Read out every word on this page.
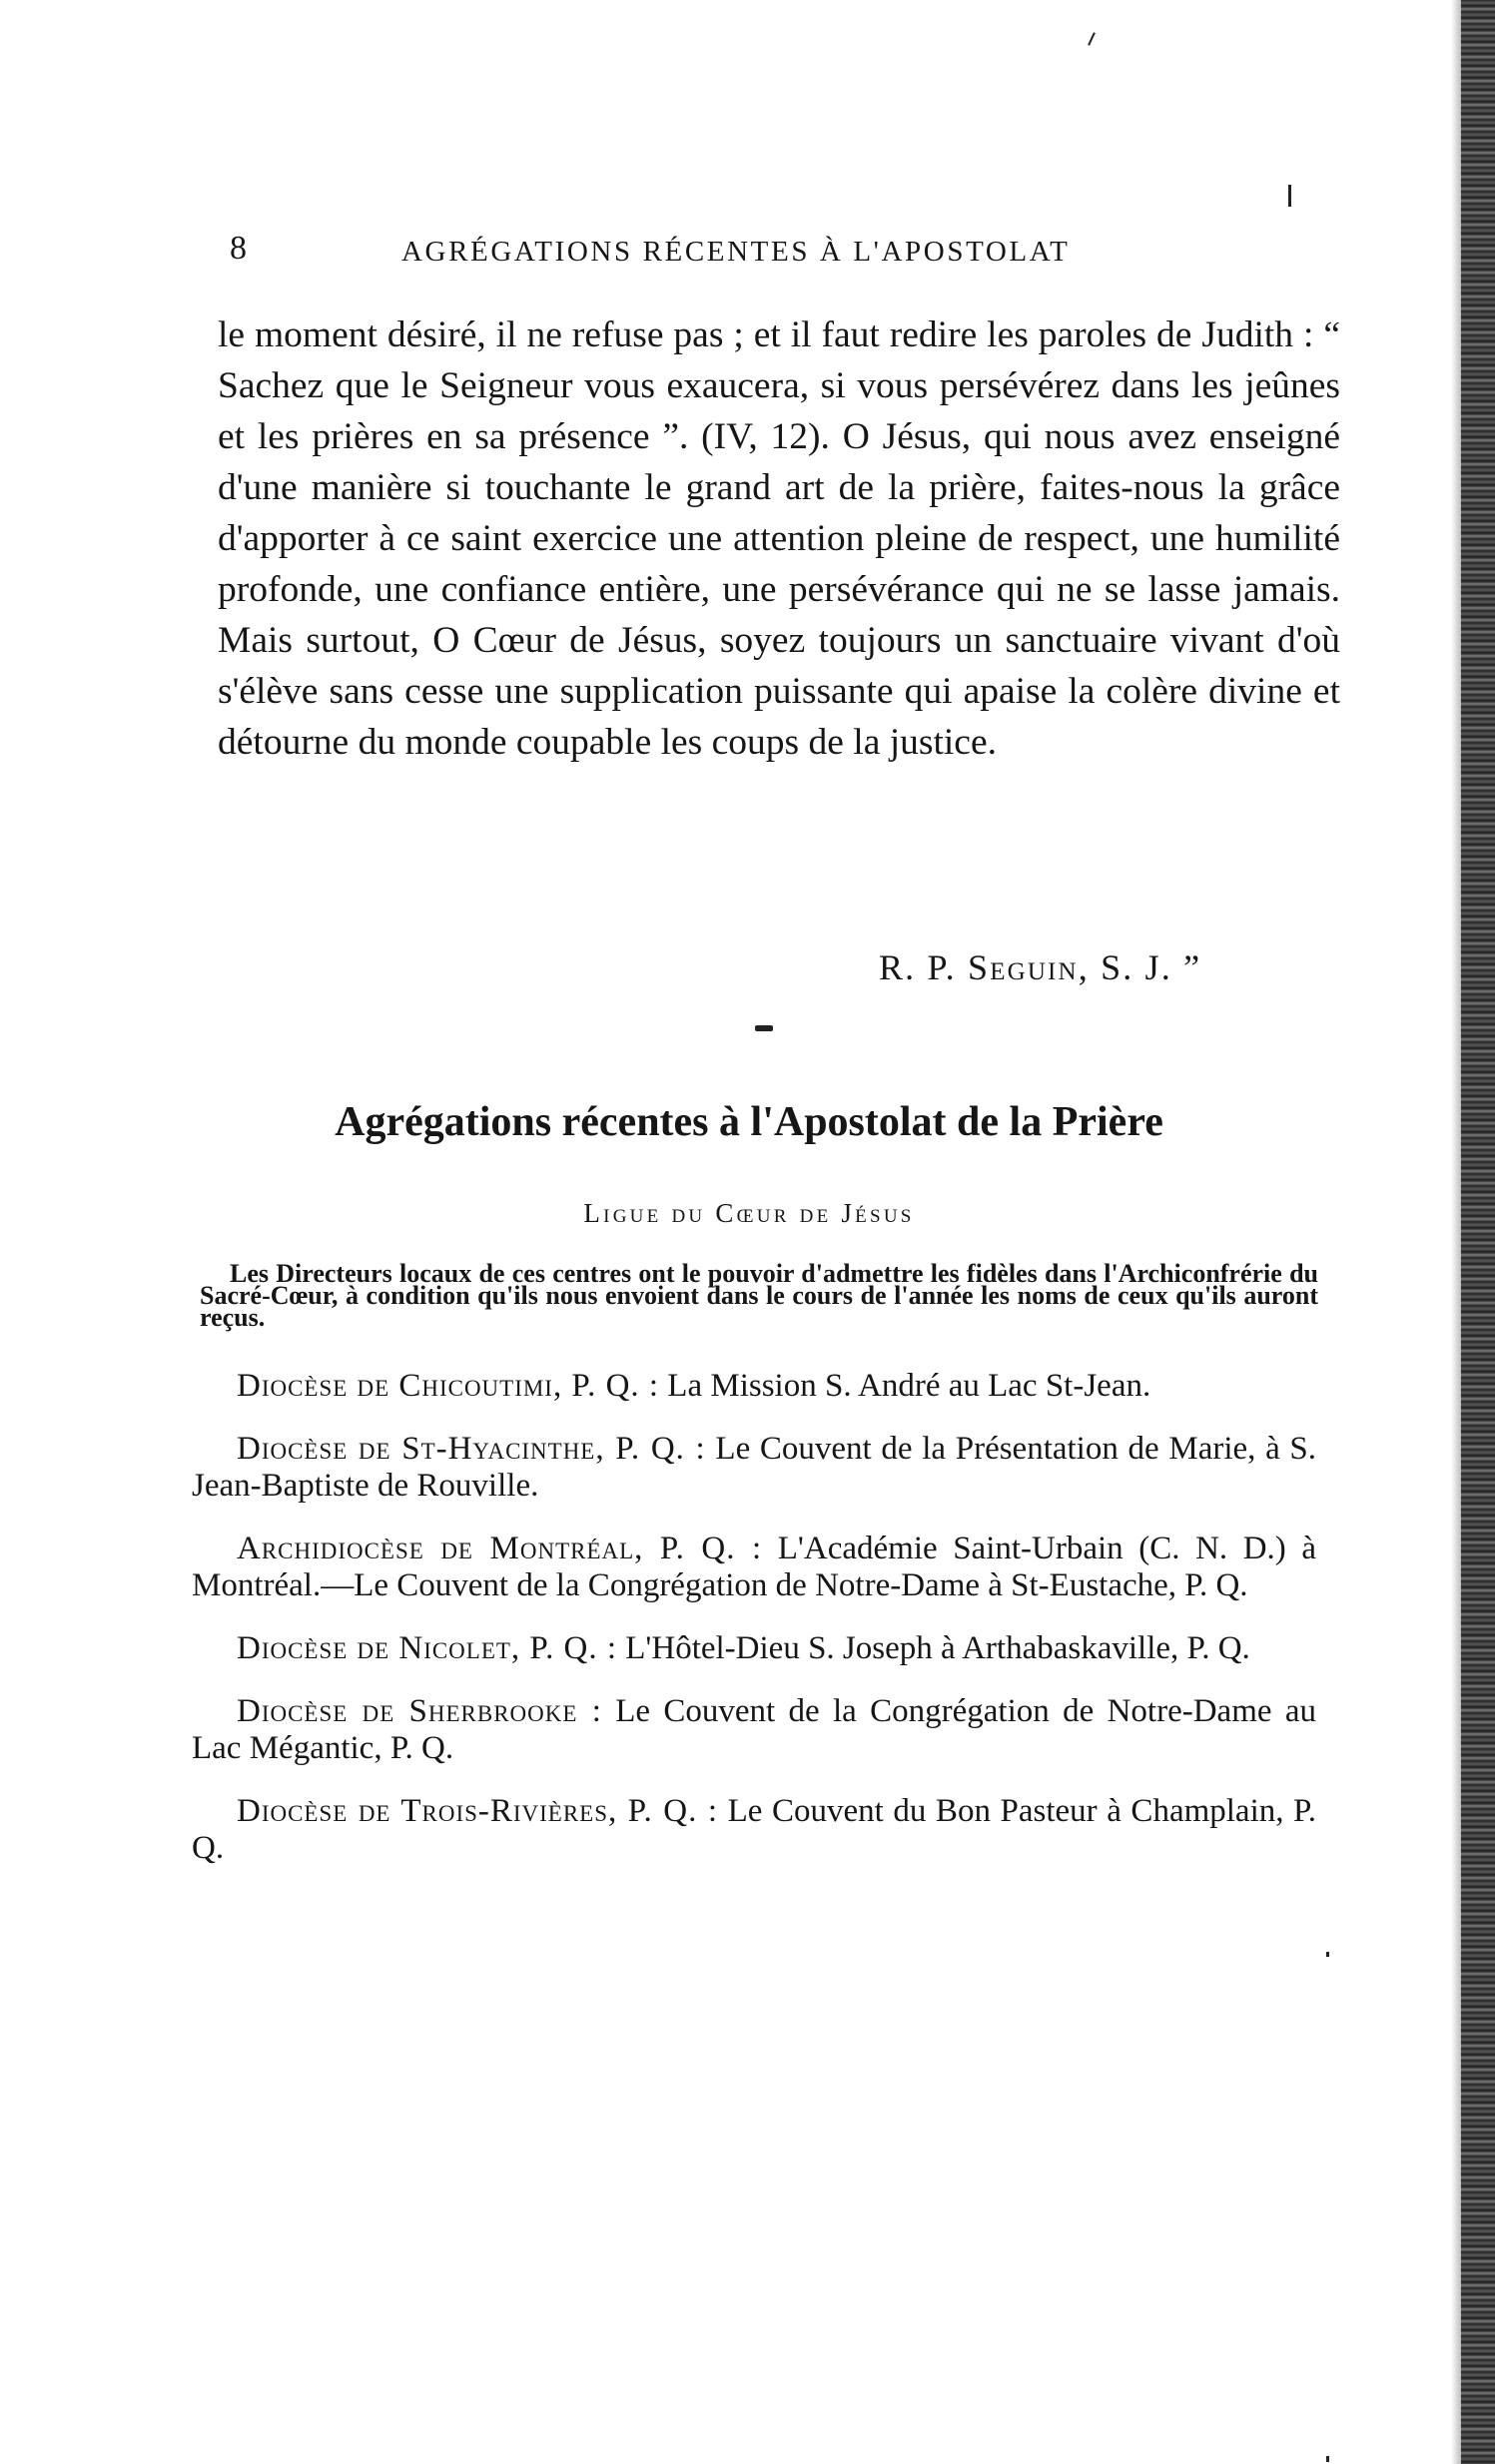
8	AGRÉGATIONS RÉCENTES À L'APOSTOLAT

le moment désiré, il ne refuse pas ; et il faut redire les paroles de Judith : “ Sachez que le Seigneur vous exaucera, si vous persévérez dans les jeûnes et les prières en sa présence ”. (IV, 12). O Jésus, qui nous avez enseigné d'une manière si touchante le grand art de la prière, faites-nous la grâce d'apporter à ce saint exercice une attention pleine de respect, une humilité profonde, une confiance entière, une persévérance qui ne se lasse jamais. Mais surtout, O Cœur de Jésus, soyez toujours un sanctuaire vivant d'où s'élève sans cesse une supplication puissante qui apaise la colère divine et détourne du monde coupable les coups de la justice.

R. P. Seguin, S. J. ”
Agrégations récentes à l'Apostolat de la Prière
Ligue du Cœur de Jésus
Les Directeurs locaux de ces centres ont le pouvoir d'admettre les fidèles dans l'Archiconfrérie du Sacré-Cœur, à condition qu'ils nous envoient dans le cours de l'année les noms de ceux qu'ils auront reçus.

Diocèse de Chicoutimi, P. Q. : La Mission S. André au Lac St-Jean.

Diocèse de St-Hyacinthe, P. Q. : Le Couvent de la Présentation de Marie, à S. Jean-Baptiste de Rouville.

Archidiocèse de Montréal, P. Q. : L'Académie Saint-Urbain (C. N. D.) à Montréal.—Le Couvent de la Congrégation de Notre-Dame à St-Eustache, P. Q.

Diocèse de Nicolet, P. Q. : L'Hôtel-Dieu S. Joseph à Arthabaskaville, P. Q.

Diocèse de Sherbrooke : Le Couvent de la Congrégation de Notre-Dame au Lac Mégantic, P. Q.

Diocèse de Trois-Rivières, P. Q. : Le Couvent du Bon Pasteur à Champlain, P. Q.
